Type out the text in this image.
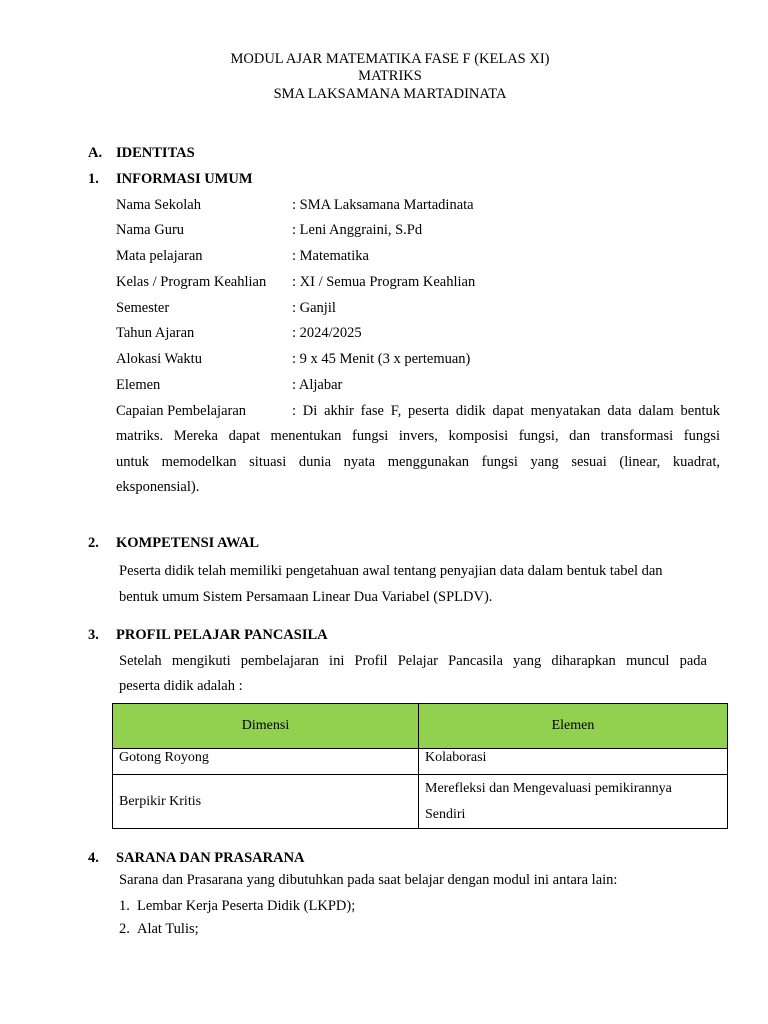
MODUL AJAR MATEMATIKA FASE F (KELAS XI)
MATRIKS
SMA LAKSAMANA MARTADINATA
A. IDENTITAS
1. INFORMASI UMUM
Nama Sekolah	: SMA Laksamana Martadinata
Nama Guru	: Leni Anggraini, S.Pd
Mata pelajaran	: Matematika
Kelas / Program Keahlian : XI / Semua Program Keahlian
Semester	: Ganjil
Tahun Ajaran	: 2024/2025
Alokasi Waktu	: 9 x 45 Menit (3 x pertemuan)
Elemen	: Aljabar
Capaian Pembelajaran	: Di akhir fase F, peserta didik dapat menyatakan data dalam bentuk
matriks. Mereka dapat menentukan fungsi invers, komposisi fungsi, dan transformasi fungsi
untuk memodelkan situasi dunia nyata menggunakan fungsi yang sesuai (linear, kuadrat,
eksponensial).
2. KOMPETENSI AWAL
Peserta didik telah memiliki pengetahuan awal tentang penyajian data dalam bentuk tabel dan
bentuk umum Sistem Persamaan Linear Dua Variabel (SPLDV).
3. PROFIL PELAJAR PANCASILA
Setelah mengikuti pembelajaran ini Profil Pelajar Pancasila yang diharapkan muncul pada
peserta didik adalah :
Dimensi	Elemen
Gotong Royong	Kolaborasi

Berpikir Kritis	Merefleksi dan Mengevaluasi pemikirannya
Sendiri
4. SARANA DAN PRASARANA
Sarana dan Prasarana yang dibutuhkan pada saat belajar dengan modul ini antara lain:
1. Lembar Kerja Peserta Didik (LKPD);
2. Alat Tulis;
